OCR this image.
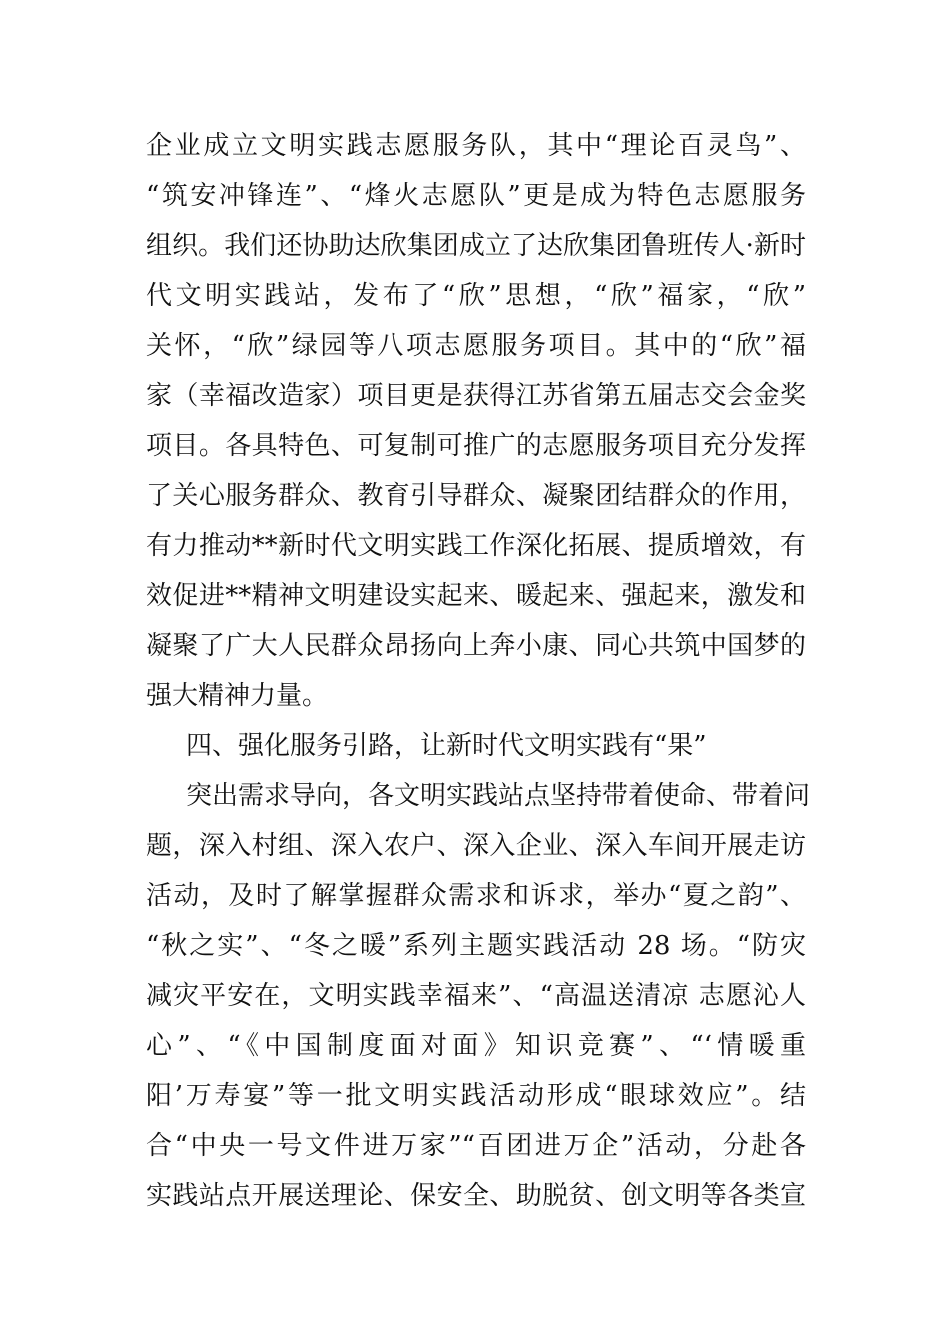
企业成立文明实践志愿服务队，其中“理论百灵鸟”、
“筑安冲锋连”、“烽火志愿队”更是成为特色志愿服务
组织。我们还协助达欣集团成立了达欣集团鲁班传人·新时
代文明实践站，发布了“欣”思想，“欣”福家，“欣”
关怀，“欣”绿园等八项志愿服务项目。其中的“欣”福
家（幸福改造家）项目更是获得江苏省第五届志交会金奖
项目。各具特色、可复制可推广的志愿服务项目充分发挥
了关心服务群众、教育引导群众、凝聚团结群众的作用，
有力推动**新时代文明实践工作深化拓展、提质增效，有
效促进**精神文明建设实起来、暖起来、强起来，激发和
凝聚了广大人民群众昂扬向上奔小康、同心共筑中国梦的
强大精神力量。
四、强化服务引路，让新时代文明实践有“果”
突出需求导向，各文明实践站点坚持带着使命、带着问
题，深入村组、深入农户、深入企业、深入车间开展走访
活动，及时了解掌握群众需求和诉求，举办“夏之韵”、
“秋之实”、“冬之暖”系列主题实践活动 28 场。“防灾
减灾平安在，文明实践幸福来”、“高温送清凉 志愿沁人
心”、“《中国制度面对面》知识竞赛”、“‘情暖重
阳’万寿宴”等一批文明实践活动形成“眼球效应”。结
合“中央一号文件进万家”“百团进万企”活动，分赴各
实践站点开展送理论、保安全、助脱贫、创文明等各类宣
